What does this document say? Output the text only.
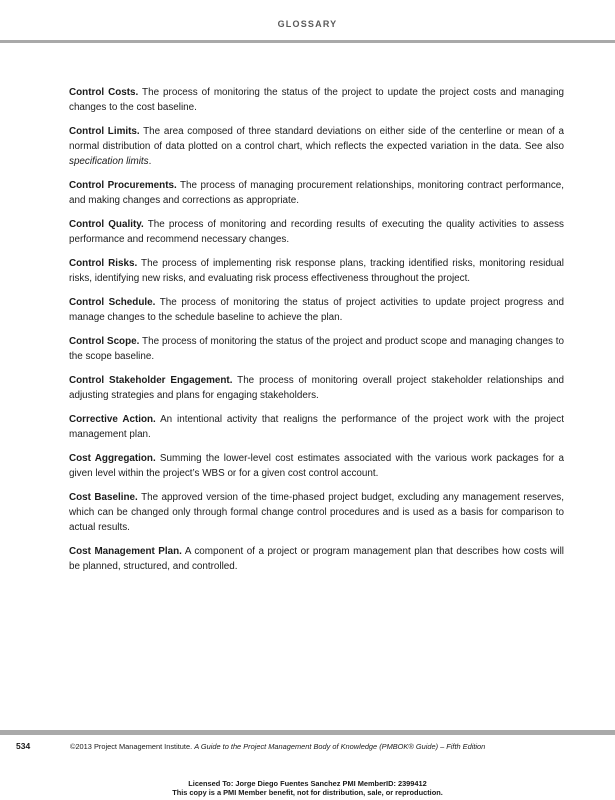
GLOSSARY

Control Costs. The process of monitoring the status of the project to update the project costs and managing changes to the cost baseline.

Control Limits. The area composed of three standard deviations on either side of the centerline or mean of a normal distribution of data plotted on a control chart, which reflects the expected variation in the data. See also specification limits.

Control Procurements. The process of managing procurement relationships, monitoring contract performance, and making changes and corrections as appropriate.

Control Quality. The process of monitoring and recording results of executing the quality activities to assess performance and recommend necessary changes.

Control Risks. The process of implementing risk response plans, tracking identified risks, monitoring residual risks, identifying new risks, and evaluating risk process effectiveness throughout the project.

Control Schedule. The process of monitoring the status of project activities to update project progress and manage changes to the schedule baseline to achieve the plan.

Control Scope. The process of monitoring the status of the project and product scope and managing changes to the scope baseline.

Control Stakeholder Engagement. The process of monitoring overall project stakeholder relationships and adjusting strategies and plans for engaging stakeholders.

Corrective Action. An intentional activity that realigns the performance of the project work with the project management plan.

Cost Aggregation. Summing the lower-level cost estimates associated with the various work packages for a given level within the project’s WBS or for a given cost control account.

Cost Baseline. The approved version of the time-phased project budget, excluding any management reserves, which can be changed only through formal change control procedures and is used as a basis for comparison to actual results.

Cost Management Plan. A component of a project or program management plan that describes how costs will be planned, structured, and controlled.

534	©2013 Project Management Institute. A Guide to the Project Management Body of Knowledge (PMBOK® Guide) – Fifth Edition
Licensed To: Jorge Diego Fuentes Sanchez PMI MemberID: 2399412
This copy is a PMI Member benefit, not for distribution, sale, or reproduction.
